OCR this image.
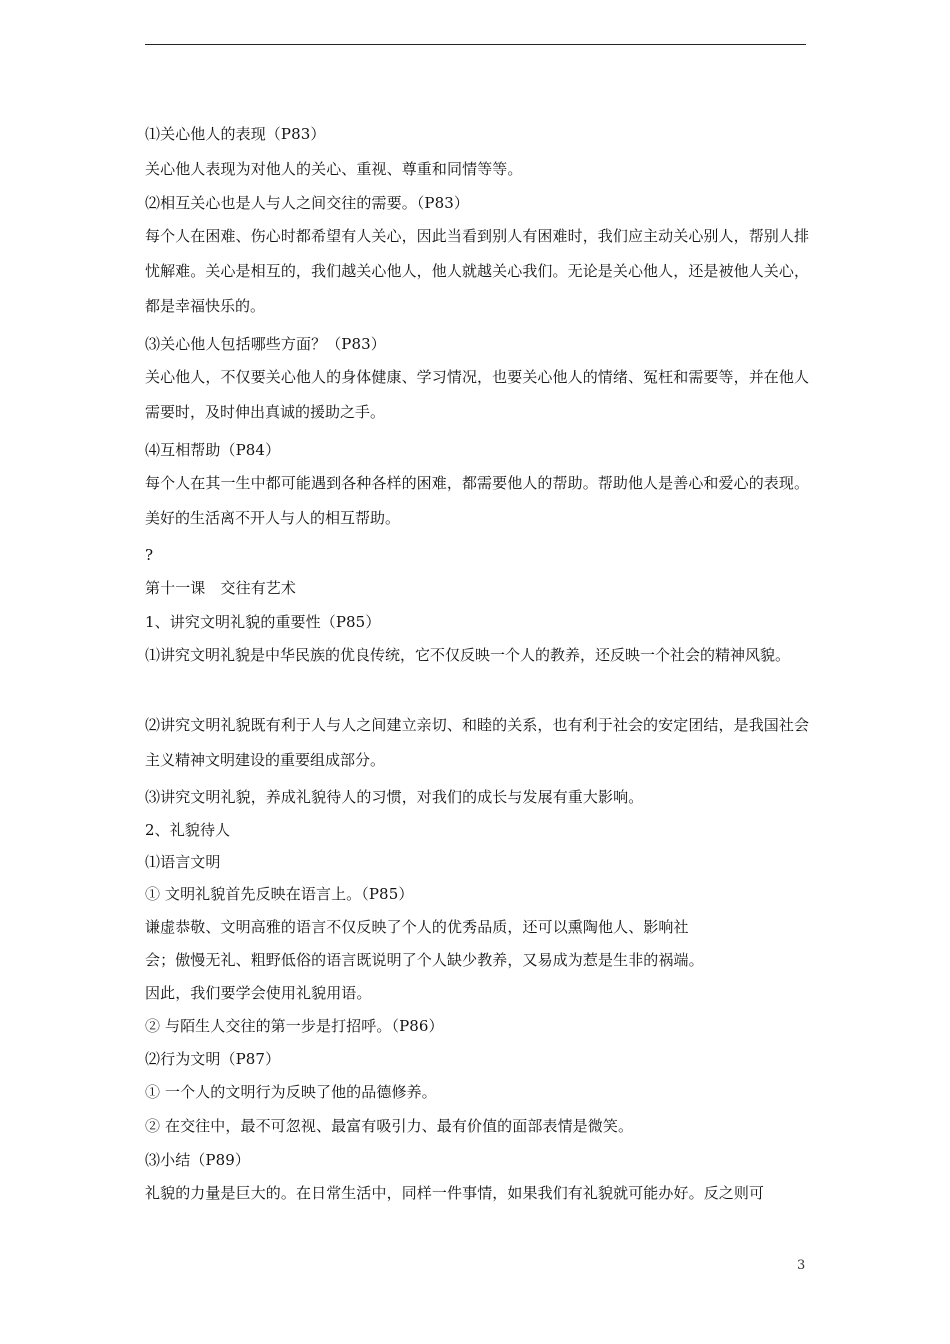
⑴关心他人的表现（P83）
关心他人表现为对他人的关心、重视、尊重和同情等等。
⑵相互关心也是人与人之间交往的需要。（P83）
每个人在困难、伤心时都希望有人关心，因此当看到别人有困难时，我们应主动关心别人，帮别人排忧解难。关心是相互的，我们越关心他人，他人就越关心我们。无论是关心他人，还是被他人关心，都是幸福快乐的。
⑶关心他人包括哪些方面？（P83）
关心他人，不仅要关心他人的身体健康、学习情况，也要关心他人的情绪、冤枉和需要等，并在他人需要时，及时伸出真诚的援助之手。
⑷互相帮助（P84）
每个人在其一生中都可能遇到各种各样的困难，都需要他人的帮助。帮助他人是善心和爱心的表现。美好的生活离不开人与人的相互帮助。
?
第十一课　交往有艺术
1、讲究文明礼貌的重要性（P85）
⑴讲究文明礼貌是中华民族的优良传统，它不仅反映一个人的教养，还反映一个社会的精神风貌。
⑵讲究文明礼貌既有利于人与人之间建立亲切、和睦的关系，也有利于社会的安定团结，是我国社会主义精神文明建设的重要组成部分。
⑶讲究文明礼貌，养成礼貌待人的习惯，对我们的成长与发展有重大影响。
2、礼貌待人
⑴语言文明
① 文明礼貌首先反映在语言上。（P85）
谦虚恭敬、文明高雅的语言不仅反映了个人的优秀品质，还可以熏陶他人、影响社
会；傲慢无礼、粗野低俗的语言既说明了个人缺少教养，又易成为惹是生非的祸端。
因此，我们要学会使用礼貌用语。
② 与陌生人交往的第一步是打招呼。（P86）
⑵行为文明（P87）
① 一个人的文明行为反映了他的品德修养。
② 在交往中，最不可忽视、最富有吸引力、最有价值的面部表情是微笑。
⑶小结（P89）
礼貌的力量是巨大的。在日常生活中，同样一件事情，如果我们有礼貌就可能办好。反之则可
3
